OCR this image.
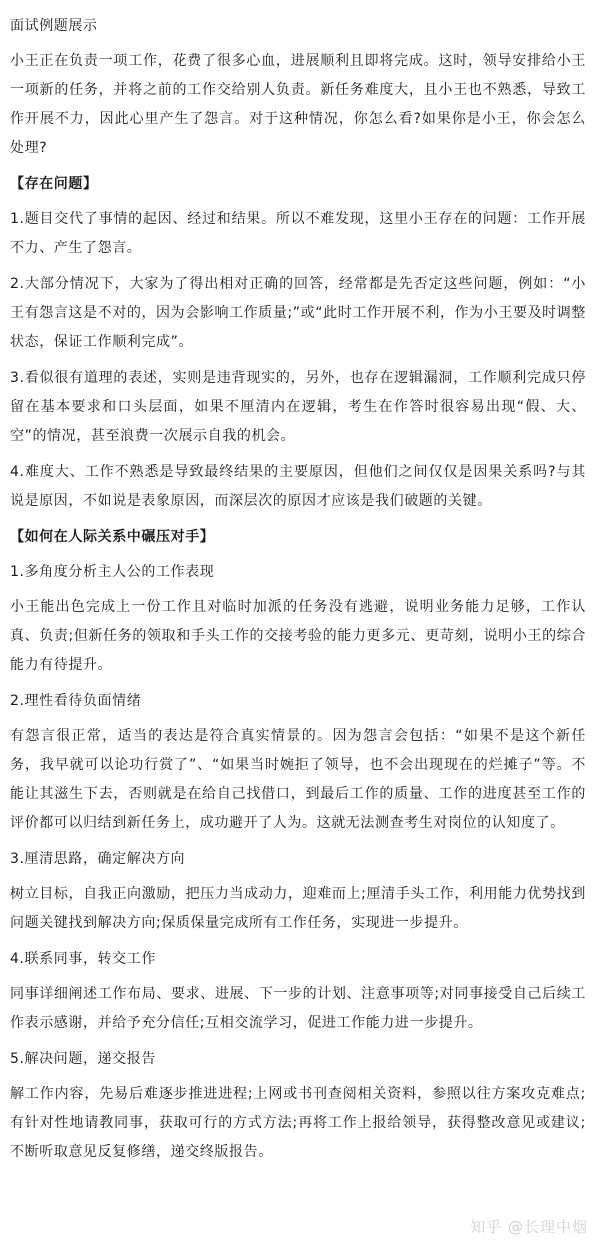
面试例题展示

小王正在负责一项工作，花费了很多心血，进展顺利且即将完成。这时，领导安排给小王一项新的任务，并将之前的工作交给别人负责。新任务难度大，且小王也不熟悉，导致工作开展不力，因此心里产生了怨言。对于这种情况，你怎么看?如果你是小王，你会怎么处理?

【存在问题】

1.题目交代了事情的起因、经过和结果。所以不难发现，这里小王存在的问题：工作开展不力、产生了怨言。

2.大部分情况下，大家为了得出相对正确的回答，经常都是先否定这些问题，例如：“小王有怨言这是不对的，因为会影响工作质量;”或“此时工作开展不利，作为小王要及时调整状态，保证工作顺利完成”。

3.看似很有道理的表述，实则是违背现实的，另外，也存在逻辑漏洞，工作顺利完成只停留在基本要求和口头层面，如果不厘清内在逻辑，考生在作答时很容易出现“假、大、空”的情况，甚至浪费一次展示自我的机会。

4.难度大、工作不熟悉是导致最终结果的主要原因，但他们之间仅仅是因果关系吗?与其说是原因，不如说是表象原因，而深层次的原因才应该是我们破题的关键。

【如何在人际关系中碾压对手】

1.多角度分析主人公的工作表现

小王能出色完成上一份工作且对临时加派的任务没有逃避，说明业务能力足够，工作认真、负责;但新任务的领取和手头工作的交接考验的能力更多元、更苛刻，说明小王的综合能力有待提升。

2.理性看待负面情绪

有怨言很正常，适当的表达是符合真实情景的。因为怨言会包括：“如果不是这个新任务，我早就可以论功行赏了”、“如果当时婉拒了领导，也不会出现现在的烂摊子”等。不能让其滋生下去，否则就是在给自己找借口，到最后工作的质量、工作的进度甚至工作的评价都可以归结到新任务上，成功避开了人为。这就无法测查考生对岗位的认知度了。

3.厘清思路，确定解决方向

树立目标，自我正向激励，把压力当成动力，迎难而上;厘清手头工作，利用能力优势找到问题关键找到解决方向;保质保量完成所有工作任务，实现进一步提升。

4.联系同事，转交工作

同事详细阐述工作布局、要求、进展、下一步的计划、注意事项等;对同事接受自己后续工作表示感谢，并给予充分信任;互相交流学习，促进工作能力进一步提升。

5.解决问题，递交报告

解工作内容，先易后难逐步推进进程;上网或书刊查阅相关资料，参照以往方案攻克难点;有针对性地请教同事，获取可行的方式方法;再将工作上报给领导，获得整改意见或建议;不断听取意见反复修缮，递交终版报告。

知乎 @长理中烟
